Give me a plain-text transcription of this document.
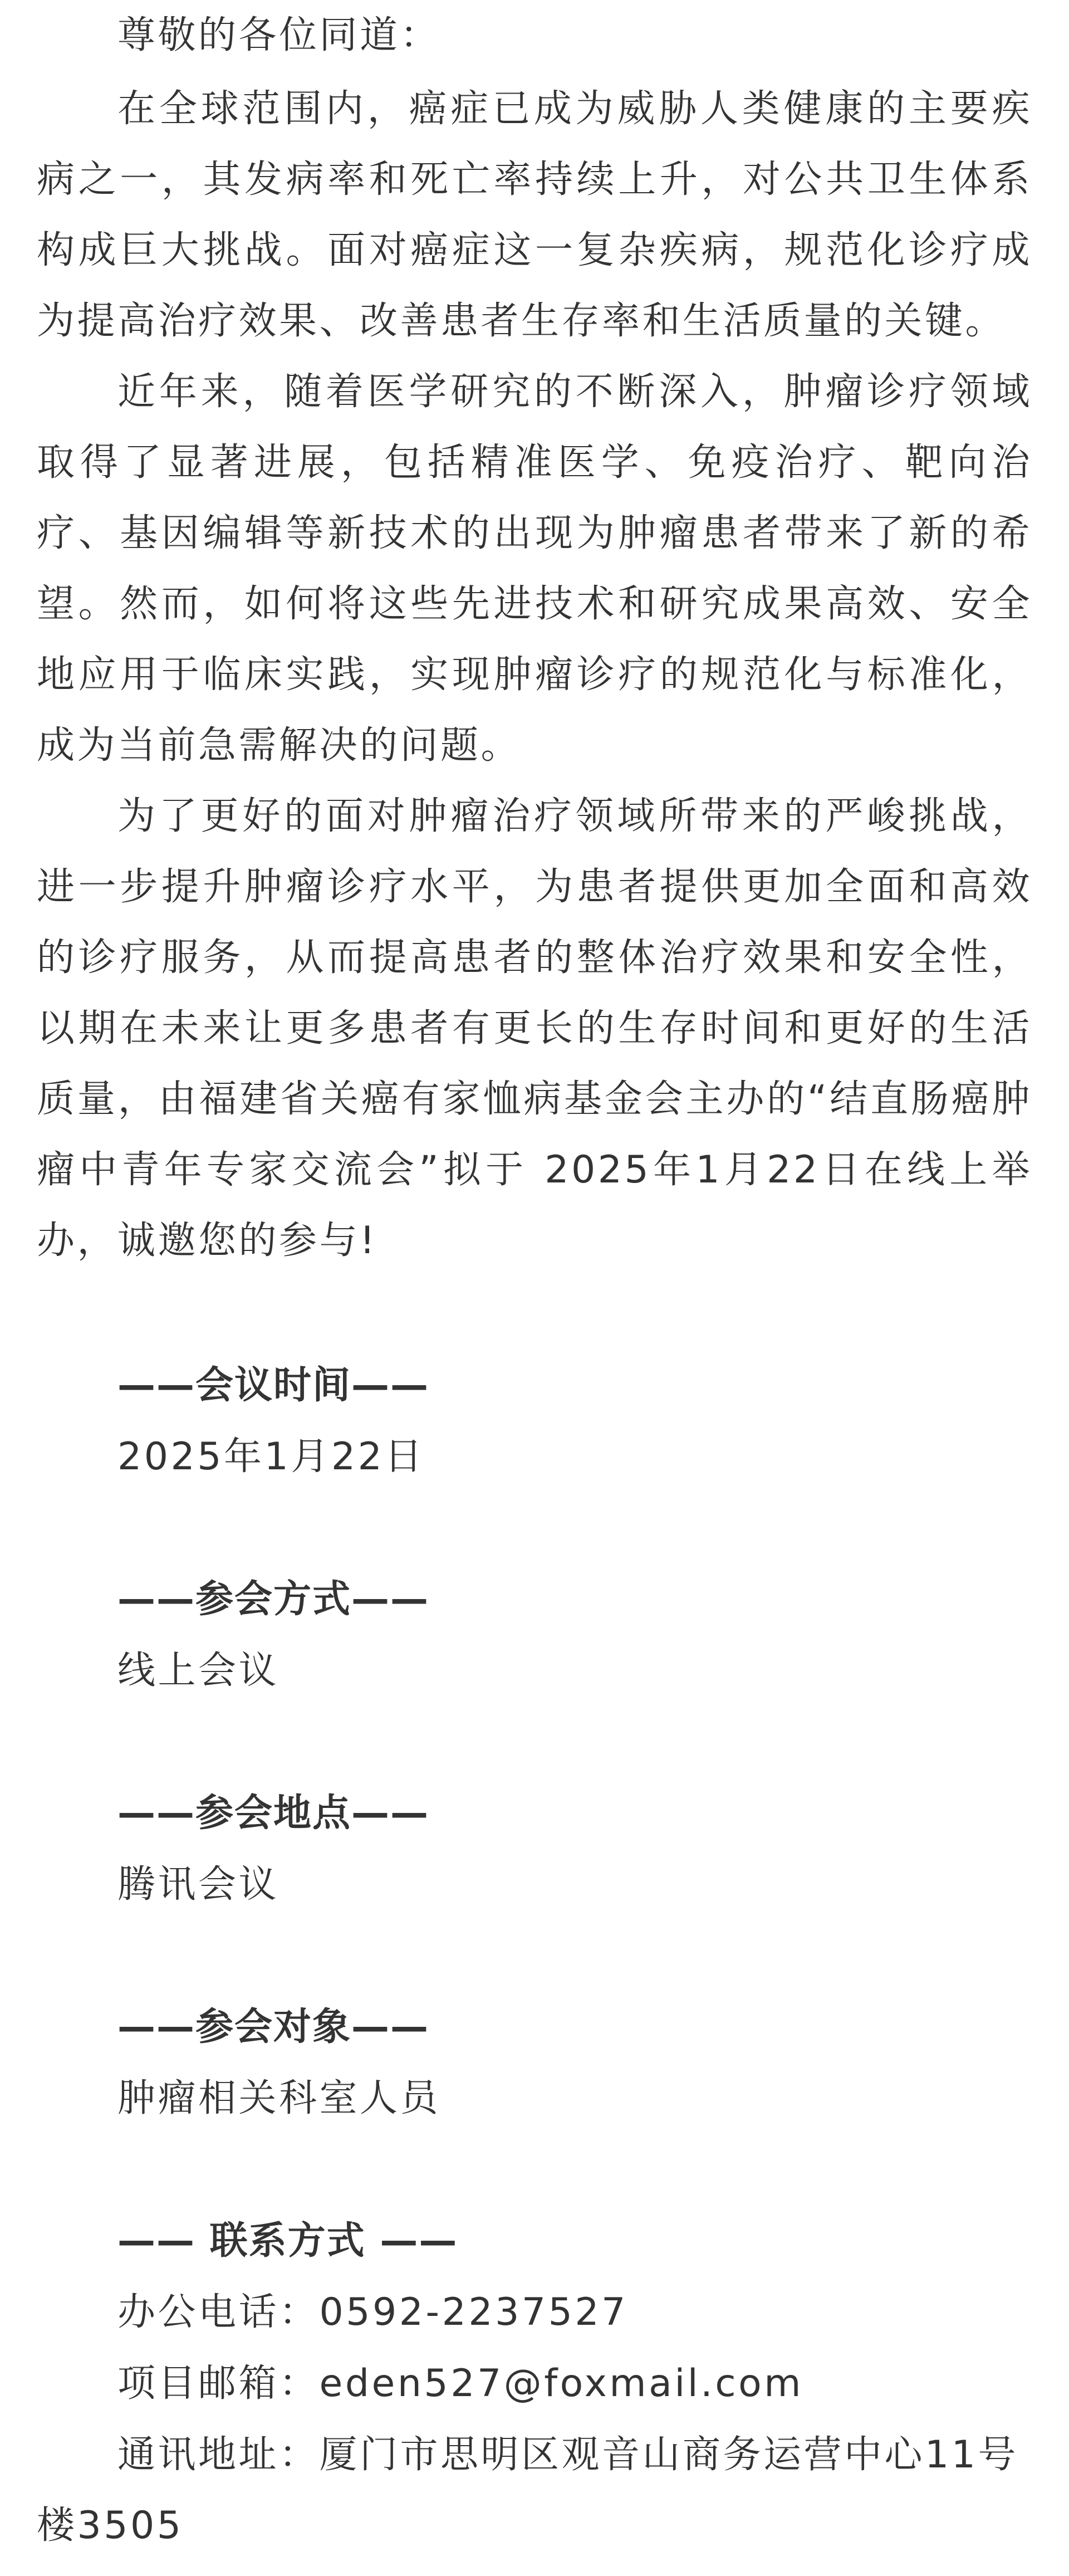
尊敬的各位同道：

在全球范围内，癌症已成为威胁人类健康的主要疾病之一，其发病率和死亡率持续上升，对公共卫生体系构成巨大挑战。面对癌症这一复杂疾病，规范化诊疗成为提高治疗效果、改善患者生存率和生活质量的关键。

近年来，随着医学研究的不断深入，肿瘤诊疗领域取得了显著进展，包括精准医学、免疫治疗、靶向治疗、基因编辑等新技术的出现为肿瘤患者带来了新的希望。然而，如何将这些先进技术和研究成果高效、安全地应用于临床实践，实现肿瘤诊疗的规范化与标准化，成为当前急需解决的问题。

为了更好的面对肿瘤治疗领域所带来的严峻挑战，进一步提升肿瘤诊疗水平，为患者提供更加全面和高效的诊疗服务，从而提高患者的整体治疗效果和安全性，以期在未来让更多患者有更长的生存时间和更好的生活质量，由福建省关癌有家恤病基金会主办的“结直肠癌肿瘤中青年专家交流会”拟于 2025年1月22日在线上举办，诚邀您的参与!

——会议时间——

2025年1月22日

——参会方式——

线上会议

——参会地点——

腾讯会议

——参会对象——

肿瘤相关科室人员

—— 联系方式 ——

办公电话：0592-2237527

项目邮箱：eden527@foxmail.com

通讯地址：厦门市思明区观音山商务运营中心11号楼3505
